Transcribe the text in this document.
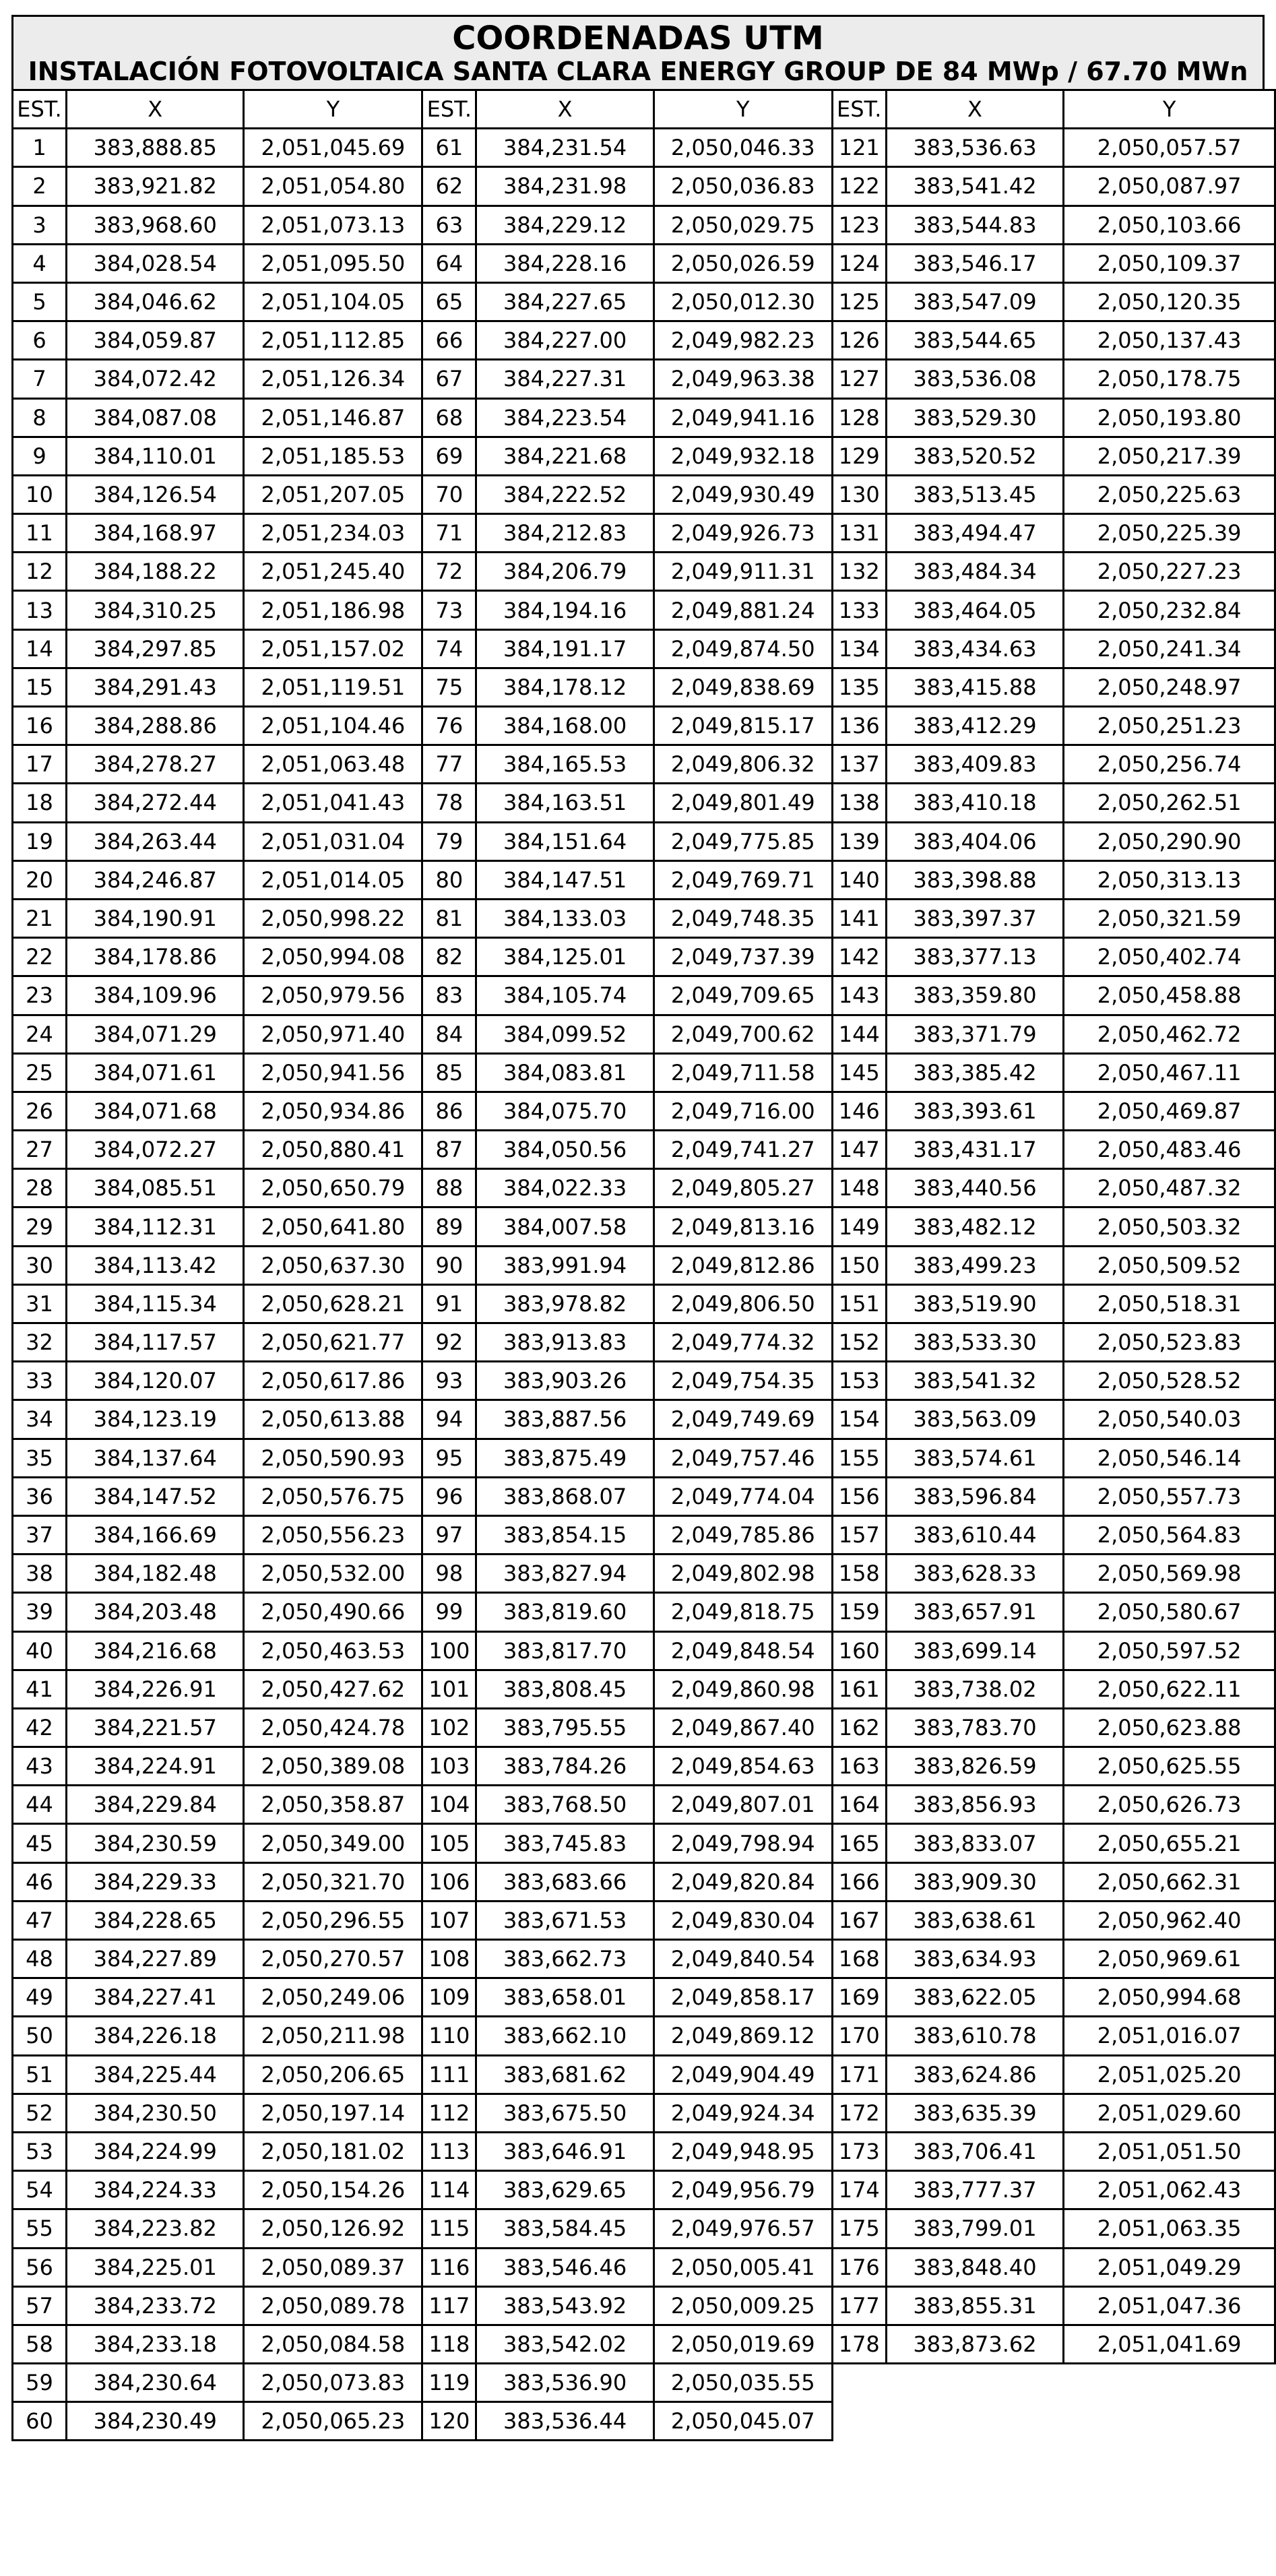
COORDENADAS UTM
INSTALACIÓN FOTOVOLTAICA SANTA CLARA ENERGY GROUP DE 84 MWp / 67.70 MWn
EST.	X	Y	EST.	X	Y	EST.	X	Y
1	383,888.85	2,051,045.69	61	384,231.54	2,050,046.33	121	383,536.63	2,050,057.57
2	383,921.82	2,051,054.80	62	384,231.98	2,050,036.83	122	383,541.42	2,050,087.97
3	383,968.60	2,051,073.13	63	384,229.12	2,050,029.75	123	383,544.83	2,050,103.66
4	384,028.54	2,051,095.50	64	384,228.16	2,050,026.59	124	383,546.17	2,050,109.37
5	384,046.62	2,051,104.05	65	384,227.65	2,050,012.30	125	383,547.09	2,050,120.35
6	384,059.87	2,051,112.85	66	384,227.00	2,049,982.23	126	383,544.65	2,050,137.43
7	384,072.42	2,051,126.34	67	384,227.31	2,049,963.38	127	383,536.08	2,050,178.75
8	384,087.08	2,051,146.87	68	384,223.54	2,049,941.16	128	383,529.30	2,050,193.80
9	384,110.01	2,051,185.53	69	384,221.68	2,049,932.18	129	383,520.52	2,050,217.39
10	384,126.54	2,051,207.05	70	384,222.52	2,049,930.49	130	383,513.45	2,050,225.63
11	384,168.97	2,051,234.03	71	384,212.83	2,049,926.73	131	383,494.47	2,050,225.39
12	384,188.22	2,051,245.40	72	384,206.79	2,049,911.31	132	383,484.34	2,050,227.23
13	384,310.25	2,051,186.98	73	384,194.16	2,049,881.24	133	383,464.05	2,050,232.84
14	384,297.85	2,051,157.02	74	384,191.17	2,049,874.50	134	383,434.63	2,050,241.34
15	384,291.43	2,051,119.51	75	384,178.12	2,049,838.69	135	383,415.88	2,050,248.97
16	384,288.86	2,051,104.46	76	384,168.00	2,049,815.17	136	383,412.29	2,050,251.23
17	384,278.27	2,051,063.48	77	384,165.53	2,049,806.32	137	383,409.83	2,050,256.74
18	384,272.44	2,051,041.43	78	384,163.51	2,049,801.49	138	383,410.18	2,050,262.51
19	384,263.44	2,051,031.04	79	384,151.64	2,049,775.85	139	383,404.06	2,050,290.90
20	384,246.87	2,051,014.05	80	384,147.51	2,049,769.71	140	383,398.88	2,050,313.13
21	384,190.91	2,050,998.22	81	384,133.03	2,049,748.35	141	383,397.37	2,050,321.59
22	384,178.86	2,050,994.08	82	384,125.01	2,049,737.39	142	383,377.13	2,050,402.74
23	384,109.96	2,050,979.56	83	384,105.74	2,049,709.65	143	383,359.80	2,050,458.88
24	384,071.29	2,050,971.40	84	384,099.52	2,049,700.62	144	383,371.79	2,050,462.72
25	384,071.61	2,050,941.56	85	384,083.81	2,049,711.58	145	383,385.42	2,050,467.11
26	384,071.68	2,050,934.86	86	384,075.70	2,049,716.00	146	383,393.61	2,050,469.87
27	384,072.27	2,050,880.41	87	384,050.56	2,049,741.27	147	383,431.17	2,050,483.46
28	384,085.51	2,050,650.79	88	384,022.33	2,049,805.27	148	383,440.56	2,050,487.32
29	384,112.31	2,050,641.80	89	384,007.58	2,049,813.16	149	383,482.12	2,050,503.32
30	384,113.42	2,050,637.30	90	383,991.94	2,049,812.86	150	383,499.23	2,050,509.52
31	384,115.34	2,050,628.21	91	383,978.82	2,049,806.50	151	383,519.90	2,050,518.31
32	384,117.57	2,050,621.77	92	383,913.83	2,049,774.32	152	383,533.30	2,050,523.83
33	384,120.07	2,050,617.86	93	383,903.26	2,049,754.35	153	383,541.32	2,050,528.52
34	384,123.19	2,050,613.88	94	383,887.56	2,049,749.69	154	383,563.09	2,050,540.03
35	384,137.64	2,050,590.93	95	383,875.49	2,049,757.46	155	383,574.61	2,050,546.14
36	384,147.52	2,050,576.75	96	383,868.07	2,049,774.04	156	383,596.84	2,050,557.73
37	384,166.69	2,050,556.23	97	383,854.15	2,049,785.86	157	383,610.44	2,050,564.83
38	384,182.48	2,050,532.00	98	383,827.94	2,049,802.98	158	383,628.33	2,050,569.98
39	384,203.48	2,050,490.66	99	383,819.60	2,049,818.75	159	383,657.91	2,050,580.67
40	384,216.68	2,050,463.53	100	383,817.70	2,049,848.54	160	383,699.14	2,050,597.52
41	384,226.91	2,050,427.62	101	383,808.45	2,049,860.98	161	383,738.02	2,050,622.11
42	384,221.57	2,050,424.78	102	383,795.55	2,049,867.40	162	383,783.70	2,050,623.88
43	384,224.91	2,050,389.08	103	383,784.26	2,049,854.63	163	383,826.59	2,050,625.55
44	384,229.84	2,050,358.87	104	383,768.50	2,049,807.01	164	383,856.93	2,050,626.73
45	384,230.59	2,050,349.00	105	383,745.83	2,049,798.94	165	383,833.07	2,050,655.21
46	384,229.33	2,050,321.70	106	383,683.66	2,049,820.84	166	383,909.30	2,050,662.31
47	384,228.65	2,050,296.55	107	383,671.53	2,049,830.04	167	383,638.61	2,050,962.40
48	384,227.89	2,050,270.57	108	383,662.73	2,049,840.54	168	383,634.93	2,050,969.61
49	384,227.41	2,050,249.06	109	383,658.01	2,049,858.17	169	383,622.05	2,050,994.68
50	384,226.18	2,050,211.98	110	383,662.10	2,049,869.12	170	383,610.78	2,051,016.07
51	384,225.44	2,050,206.65	111	383,681.62	2,049,904.49	171	383,624.86	2,051,025.20
52	384,230.50	2,050,197.14	112	383,675.50	2,049,924.34	172	383,635.39	2,051,029.60
53	384,224.99	2,050,181.02	113	383,646.91	2,049,948.95	173	383,706.41	2,051,051.50
54	384,224.33	2,050,154.26	114	383,629.65	2,049,956.79	174	383,777.37	2,051,062.43
55	384,223.82	2,050,126.92	115	383,584.45	2,049,976.57	175	383,799.01	2,051,063.35
56	384,225.01	2,050,089.37	116	383,546.46	2,050,005.41	176	383,848.40	2,051,049.29
57	384,233.72	2,050,089.78	117	383,543.92	2,050,009.25	177	383,855.31	2,051,047.36
58	384,233.18	2,050,084.58	118	383,542.02	2,050,019.69	178	383,873.62	2,051,041.69
59	384,230.64	2,050,073.83	119	383,536.90	2,050,035.55			
60	384,230.49	2,050,065.23	120	383,536.44	2,050,045.07			
